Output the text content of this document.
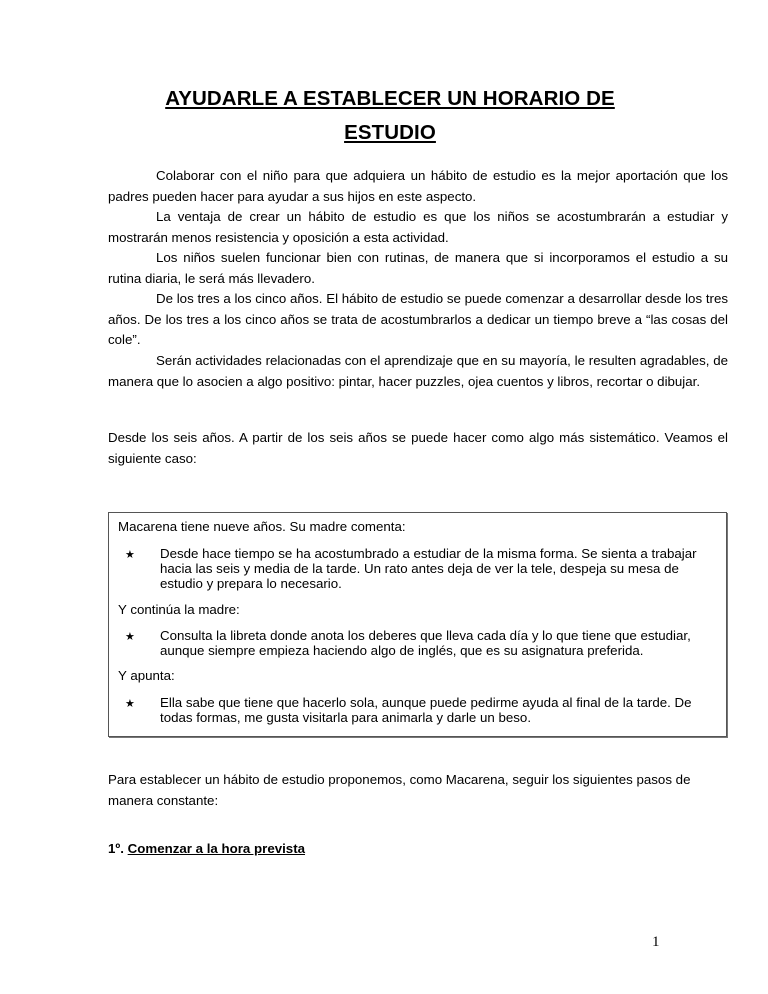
AYUDARLE A ESTABLECER UN HORARIO DE
ESTUDIO
Colaborar con el niño para que adquiera un hábito de estudio es la mejor aportación que los padres pueden hacer para ayudar a sus hijos en este aspecto.
La ventaja de crear un hábito de estudio es que los niños se acostumbrarán a estudiar y mostrarán menos resistencia y oposición a esta actividad.
Los niños suelen funcionar bien con rutinas, de manera que si incorporamos el estudio a su rutina diaria, le será más llevadero.
De los tres a los cinco años. El hábito de estudio se puede comenzar a desarrollar desde los tres años. De los tres a los cinco años se trata de acostumbrarlos a dedicar un tiempo breve a “las cosas del cole”.
Serán actividades relacionadas con el aprendizaje que en su mayoría, le resulten agradables, de manera que lo asocien a algo positivo: pintar, hacer puzzles, ojea cuentos y libros, recortar o dibujar.
Desde los seis años. A partir de los seis años se puede hacer como algo más sistemático. Veamos el siguiente caso:
Macarena tiene nueve años. Su madre comenta:
★ Desde hace tiempo se ha acostumbrado a estudiar de la misma forma. Se sienta a trabajar hacia las seis y media de la tarde. Un rato antes deja de ver la tele, despeja su mesa de estudio y prepara lo necesario.
Y continúa la madre:
★ Consulta la libreta donde anota los deberes que lleva cada día y lo que tiene que estudiar, aunque siempre empieza haciendo algo de inglés, que es su asignatura preferida.
Y apunta:
★ Ella sabe que tiene que hacerlo sola, aunque puede pedirme ayuda al final de la tarde. De todas formas, me gusta visitarla para animarla y darle un beso.
Para establecer un hábito de estudio proponemos, como Macarena, seguir los siguientes pasos de manera constante:
1º. Comenzar a la hora prevista
1
